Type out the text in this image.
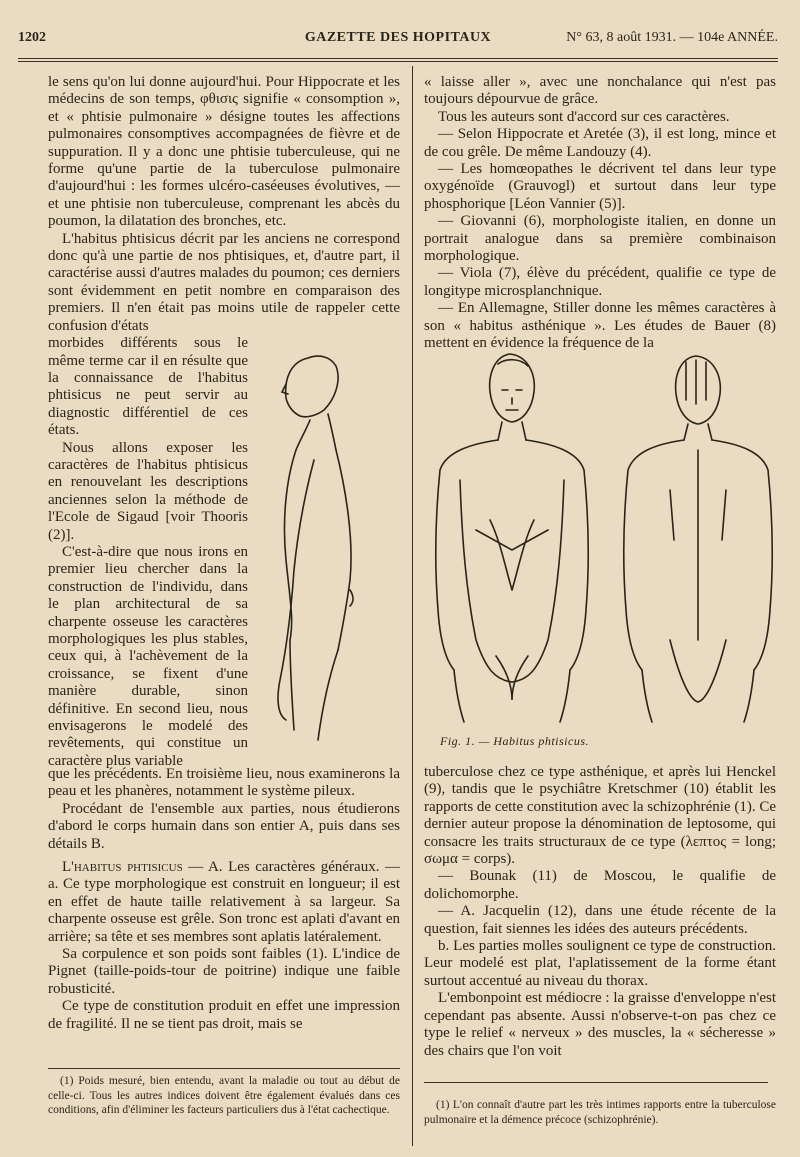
1202	GAZETTE DES HOPITAUX	N° 63, 8 août 1931. — 104e ANNÉE.

le sens qu'on lui donne aujourd'hui. Pour Hippocrate et les médecins de son temps, φθισις signifie « consomption », et « phtisie pulmonaire » désigne toutes les affections pulmonaires consomptives accompagnées de fièvre et de suppuration. Il y a donc une phtisie tuberculeuse, qui ne forme qu'une partie de la tuberculose pulmonaire d'aujourd'hui : les formes ulcéro-caséeuses évolutives, — et une phtisie non tuberculeuse, comprenant les abcès du poumon, la dilatation des bronches, etc.

L'habitus phtisicus décrit par les anciens ne correspond donc qu'à une partie de nos phtisiques, et, d'autre part, il caractérise aussi d'autres malades du poumon; ces derniers sont évidemment en petit nombre en comparaison des premiers. Il n'en était pas moins utile de rappeler cette confusion d'états

morbides différents sous le même terme car il en résulte que la connaissance de l'habitus phtisicus ne peut servir au diagnostic différentiel de ces états.

Nous allons exposer les caractères de l'habitus phtisicus en renouvelant les descriptions anciennes selon la méthode de l'Ecole de Sigaud [voir Thooris (2)].

C'est-à-dire que nous irons en premier lieu chercher dans la construction de l'individu, dans le plan architectural de sa charpente osseuse les caractères morphologiques les plus stables, ceux qui, à l'achèvement de la croissance, se fixent d'une manière durable, sinon définitive. En second lieu, nous envisagerons le modelé des revêtements, qui constitue un caractère plus variable

que les précédents. En troisième lieu, nous examinerons la peau et les phanères, notamment le système pileux.

Procédant de l'ensemble aux parties, nous étudierons d'abord le corps humain dans son entier A, puis dans ses détails B.

L'habitus phtisicus — A. Les caractères généraux. — a. Ce type morphologique est construit en longueur; il est en effet de haute taille relativement à sa largeur. Sa charpente osseuse est grêle. Son tronc est aplati d'avant en arrière; sa tête et ses membres sont aplatis latéralement.

Sa corpulence et son poids sont faibles (1). L'indice de Pignet (taille-poids-tour de poitrine) indique une faible robusticité.

Ce type de constitution produit en effet une impression de fragilité. Il ne se tient pas droit, mais se

(1) Poids mesuré, bien entendu, avant la maladie ou tout au début de celle-ci. Tous les autres indices doivent être également évalués dans ces conditions, afin d'éliminer les facteurs particuliers dus à l'état cachectique.

« laisse aller », avec une nonchalance qui n'est pas toujours dépourvue de grâce.

Tous les auteurs sont d'accord sur ces caractères.

— Selon Hippocrate et Aretée (3), il est long, mince et de cou grêle. De même Landouzy (4).

— Les homœopathes le décrivent tel dans leur type oxygénoïde (Grauvogl) et surtout dans leur type phosphorique [Léon Vannier (5)].

— Giovanni (6), morphologiste italien, en donne un portrait analogue dans sa première combinaison morphologique.

— Viola (7), élève du précédent, qualifie ce type de longitype microsplanchnique.

— En Allemagne, Stiller donne les mêmes caractères à son « habitus asthénique ». Les études de Bauer (8) mettent en évidence la fréquence de la

Fig. 1. — Habitus phtisicus.

tuberculose chez ce type asthénique, et après lui Henckel (9), tandis que le psychiâtre Kretschmer (10) établit les rapports de cette constitution avec la schizophrénie (1). Ce dernier auteur propose la dénomination de leptosome, qui consacre les traits structuraux de ce type (λεπτος = long; σωμα = corps).

— Bounak (11) de Moscou, le qualifie de dolichomorphe.

— A. Jacquelin (12), dans une étude récente de la question, fait siennes les idées des auteurs précédents.

b. Les parties molles soulignent ce type de construction. Leur modelé est plat, l'aplatissement de la forme étant surtout accentué au niveau du thorax.

L'embonpoint est médiocre : la graisse d'enveloppe n'est cependant pas absente. Aussi n'observe-t-on pas chez ce type le relief « nerveux » des muscles, la « sécheresse » des chairs que l'on voit

(1) L'on connaît d'autre part les très intimes rapports entre la tuberculose pulmonaire et la démence précoce (schizophrénie).
